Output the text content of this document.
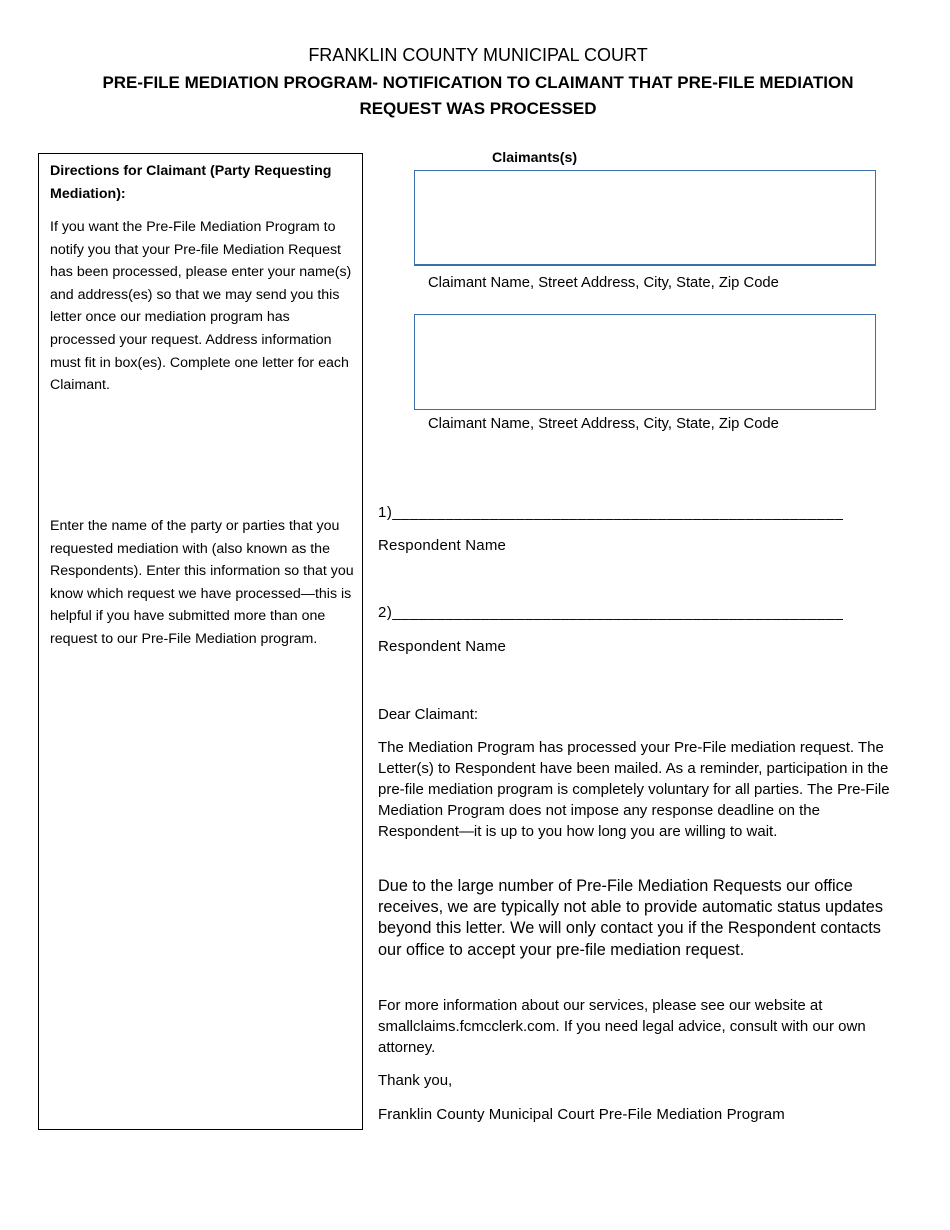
FRANKLIN COUNTY MUNICIPAL COURT
PRE-FILE MEDIATION PROGRAM- NOTIFICATION TO CLAIMANT THAT PRE-FILE MEDIATION REQUEST WAS PROCESSED
Directions for Claimant (Party Requesting Mediation):
If you want the Pre-File Mediation Program to notify you that your Pre-file Mediation Request has been processed, please enter your name(s) and address(es) so that we may send you this letter once our mediation program has processed your request. Address information must fit in box(es). Complete one letter for each Claimant.
Enter the name of the party or parties that you requested mediation with (also known as the Respondents). Enter this information so that you know which request we have processed—this is helpful if you have submitted more than one request to our Pre-File Mediation program.
Claimants(s)
Claimant Name, Street Address, City, State, Zip Code
Claimant Name, Street Address, City, State, Zip Code
1)___________________________________________________
Respondent Name
2)___________________________________________________
Respondent Name
Dear Claimant:
The Mediation Program has processed your Pre-File mediation request. The Letter(s) to Respondent have been mailed. As a reminder, participation in the pre-file mediation program is completely voluntary for all parties. The Pre-File Mediation Program does not impose any response deadline on the Respondent—it is up to you how long you are willing to wait.
Due to the large number of Pre-File Mediation Requests our office receives, we are typically not able to provide automatic status updates beyond this letter. We will only contact you if the Respondent contacts our office to accept your pre-file mediation request.
For more information about our services, please see our website at smallclaims.fcmcclerk.com. If you need legal advice, consult with our own attorney.
Thank you,
Franklin County Municipal Court Pre-File Mediation Program
